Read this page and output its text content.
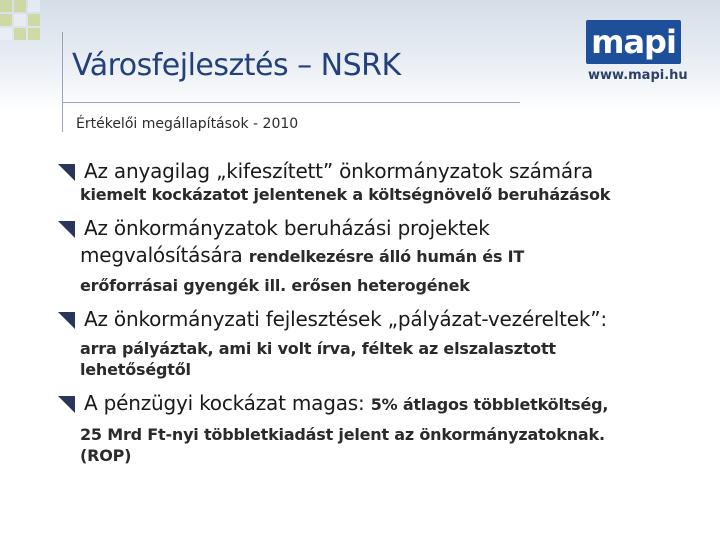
Városfejlesztés – NSRK
Értékelői megállapítások - 2010
mapi
www.mapi.hu
Az anyagilag „kifeszített” önkormányzatok számára
kiemelt kockázatot jelentenek a költségnövelő beruházások
Az önkormányzatok beruházási projektek
megvalósítására rendelkezésre álló humán és IT
erőforrásai gyengék ill. erősen heterogének
Az önkormányzati fejlesztések „pályázat-vezéreltek”:
arra pályáztak, ami ki volt írva, féltek az elszalasztott
lehetőségtől
A pénzügyi kockázat magas: 5% átlagos többletköltség,
25 Mrd Ft-nyi többletkiadást jelent az önkormányzatoknak.
(ROP)
